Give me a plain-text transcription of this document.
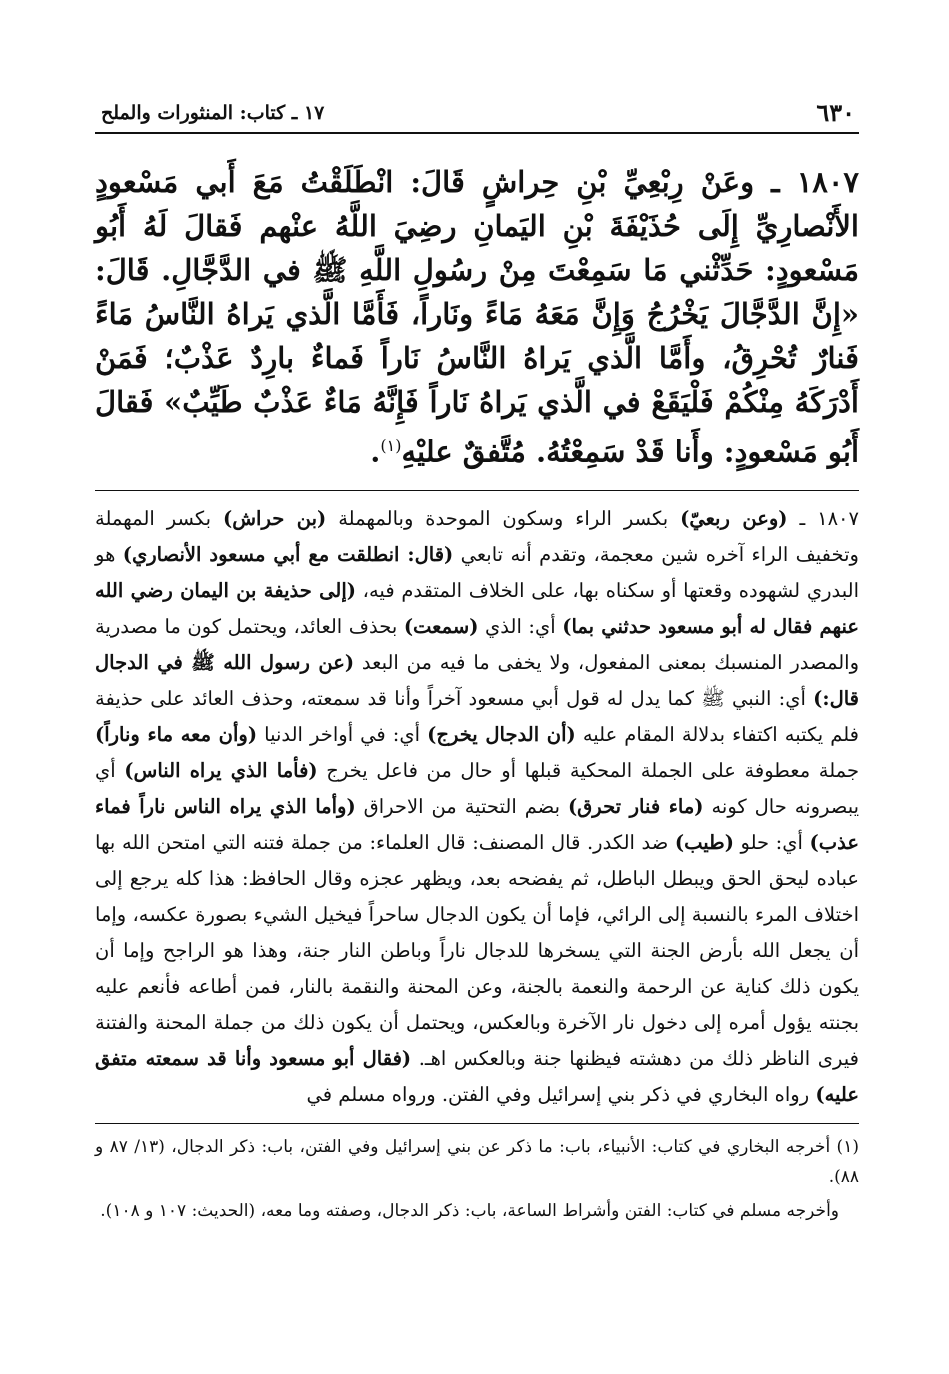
٦٣٠

١٧ ـ كتاب: المنثورات والملح

١٨٠٧ ـ وعَنْ رِبْعِيِّ بْنِ حِراشٍ قَالَ: انْطَلَقْتُ مَعَ أَبي مَسْعودٍ الأَنْصارِيِّ إِلَى حُذَيْفَةَ بْنِ اليَمانِ رضِيَ اللَّهُ عنْهم فَقالَ لَهُ أَبُو مَسْعودٍ: حَدِّثْني مَا سَمِعْتَ مِنْ رسُولِ اللَّهِ ﷺ في الدَّجَّالِ. قَالَ: «إِنَّ الدَّجَّالَ يَخْرُجُ وَإِنَّ مَعَهُ مَاءً ونَاراً، فَأَمَّا الَّذي يَراهُ النَّاسُ مَاءً فَنارٌ تُحْرِقُ، وأَمَّا الَّذي يَراهُ النَّاسُ نَاراً فَماءٌ بارِدٌ عَذْبٌ؛ فَمَنْ أَدْرَكَهُ مِنْكُمْ فَلْيَقَعْ في الَّذي يَراهُ نَاراً فَإِنَّهُ مَاءٌ عَذْبٌ طَيِّبٌ» فَقالَ أَبُو مَسْعودٍ: وأَنا قَدْ سَمِعْتُهُ. مُتَّفقٌ عليْهِ$^{(١)}$.

١٨٠٧ ـ (وعن ربعيّ) بكسر الراء وسكون الموحدة وبالمهملة (بن حراش) بكسر المهملة وتخفيف الراء آخره شين معجمة، وتقدم أنه تابعي (قال: انطلقت مع أبي مسعود الأنصاري) هو البدري لشهوده وقعتها أو سكناه بها، على الخلاف المتقدم فيه، (إلى حذيفة بن اليمان رضي الله عنهم فقال له أبو مسعود حدثني بما) أي: الذي (سمعت) بحذف العائد، ويحتمل كون ما مصدرية والمصدر المنسبك بمعنى المفعول، ولا يخفى ما فيه من البعد (عن رسول الله ﷺ في الدجال قال:) أي: النبي ﷺ كما يدل له قول أبي مسعود آخراً وأنا قد سمعته، وحذف العائد على حذيفة فلم يكتبه اكتفاء بدلالة المقام عليه (أن الدجال يخرج) أي: في أواخر الدنيا (وأن معه ماء وناراً) جملة معطوفة على الجملة المحكية قبلها أو حال من فاعل يخرج (فأما الذي يراه الناس) أي يبصرونه حال كونه (ماء فنار تحرق) بضم التحتية من الاحراق (وأما الذي يراه الناس ناراً فماء عذب) أي: حلو (طيب) ضد الكدر. قال المصنف: قال العلماء: من جملة فتنه التي امتحن الله بها عباده ليحق الحق ويبطل الباطل، ثم يفضحه بعد، ويظهر عجزه وقال الحافظ: هذا كله يرجع إلى اختلاف المرء بالنسبة إلى الرائي، فإما أن يكون الدجال ساحراً فيخيل الشيء بصورة عكسه، وإما أن يجعل الله بأرض الجنة التي يسخرها للدجال ناراً وباطن النار جنة، وهذا هو الراجح وإما أن يكون ذلك كناية عن الرحمة والنعمة بالجنة، وعن المحنة والنقمة بالنار، فمن أطاعه فأنعم عليه بجنته يؤول أمره إلى دخول نار الآخرة وبالعكس، ويحتمل أن يكون ذلك من جملة المحنة والفتنة فيرى الناظر ذلك من دهشته فيظنها جنة وبالعكس اهـ. (فقال أبو مسعود وأنا قد سمعته متفق عليه) رواه البخاري في ذكر بني إسرائيل وفي الفتن. ورواه مسلم في

(١) أخرجه البخاري في كتاب: الأنبياء، باب: ما ذكر عن بني إسرائيل وفي الفتن، باب: ذكر الدجال، (١٣/ ٨٧ و ٨٨).

وأخرجه مسلم في كتاب: الفتن وأشراط الساعة، باب: ذكر الدجال، وصفته وما معه، (الحديث: ١٠٧ و ١٠٨).
